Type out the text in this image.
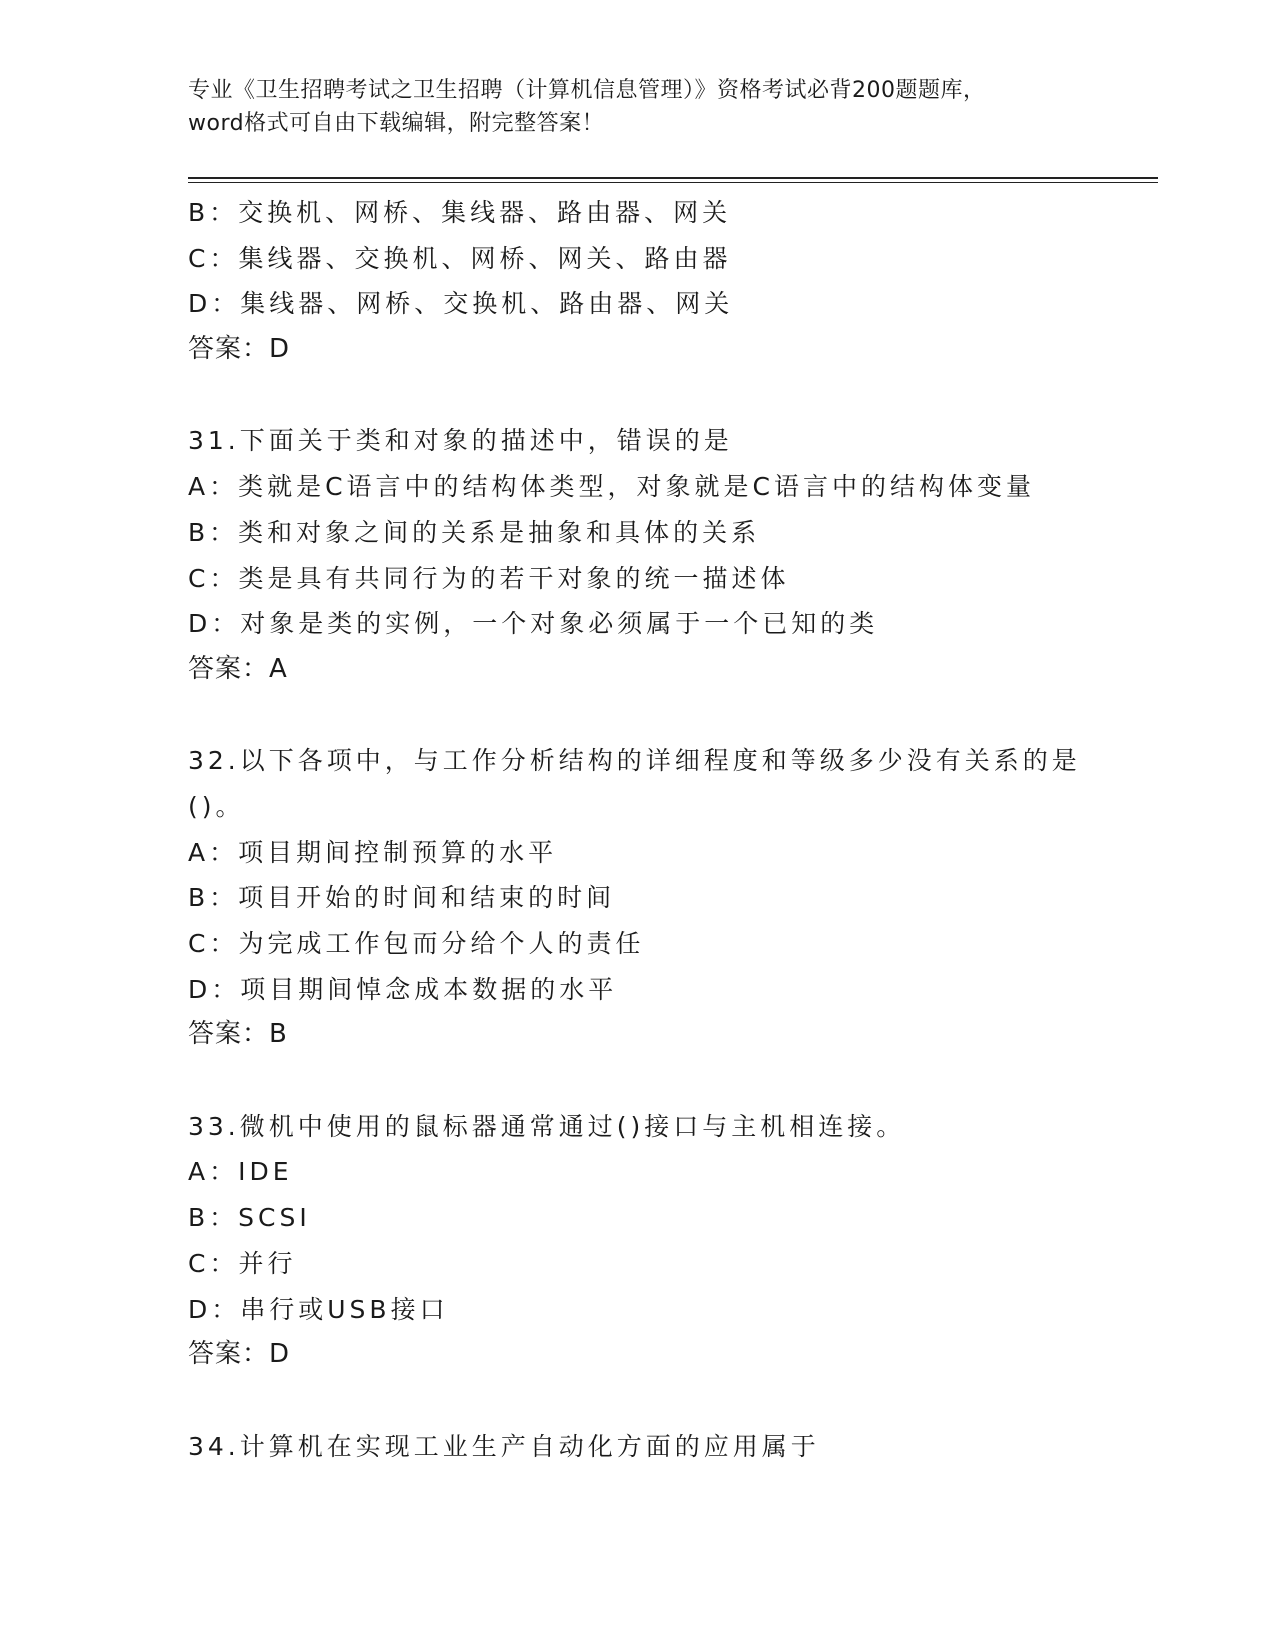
专业《卫生招聘考试之卫生招聘（计算机信息管理）》资格考试必背200题题库，
word格式可自由下载编辑，附完整答案！
B：交换机、网桥、集线器、路由器、网关
C：集线器、交换机、网桥、网关、路由器
D：集线器、网桥、交换机、路由器、网关
答案：D
31.下面关于类和对象的描述中，错误的是
A：类就是C语言中的结构体类型，对象就是C语言中的结构体变量
B：类和对象之间的关系是抽象和具体的关系
C：类是具有共同行为的若干对象的统一描述体
D：对象是类的实例，一个对象必须属于一个已知的类
答案：A
32.以下各项中，与工作分析结构的详细程度和等级多少没有关系的是
()。
A：项目期间控制预算的水平
B：项目开始的时间和结束的时间
C：为完成工作包而分给个人的责任
D：项目期间悼念成本数据的水平
答案：B
33.微机中使用的鼠标器通常通过()接口与主机相连接。
A：IDE
B：SCSI
C：并行
D：串行或USB接口
答案：D
34.计算机在实现工业生产自动化方面的应用属于
